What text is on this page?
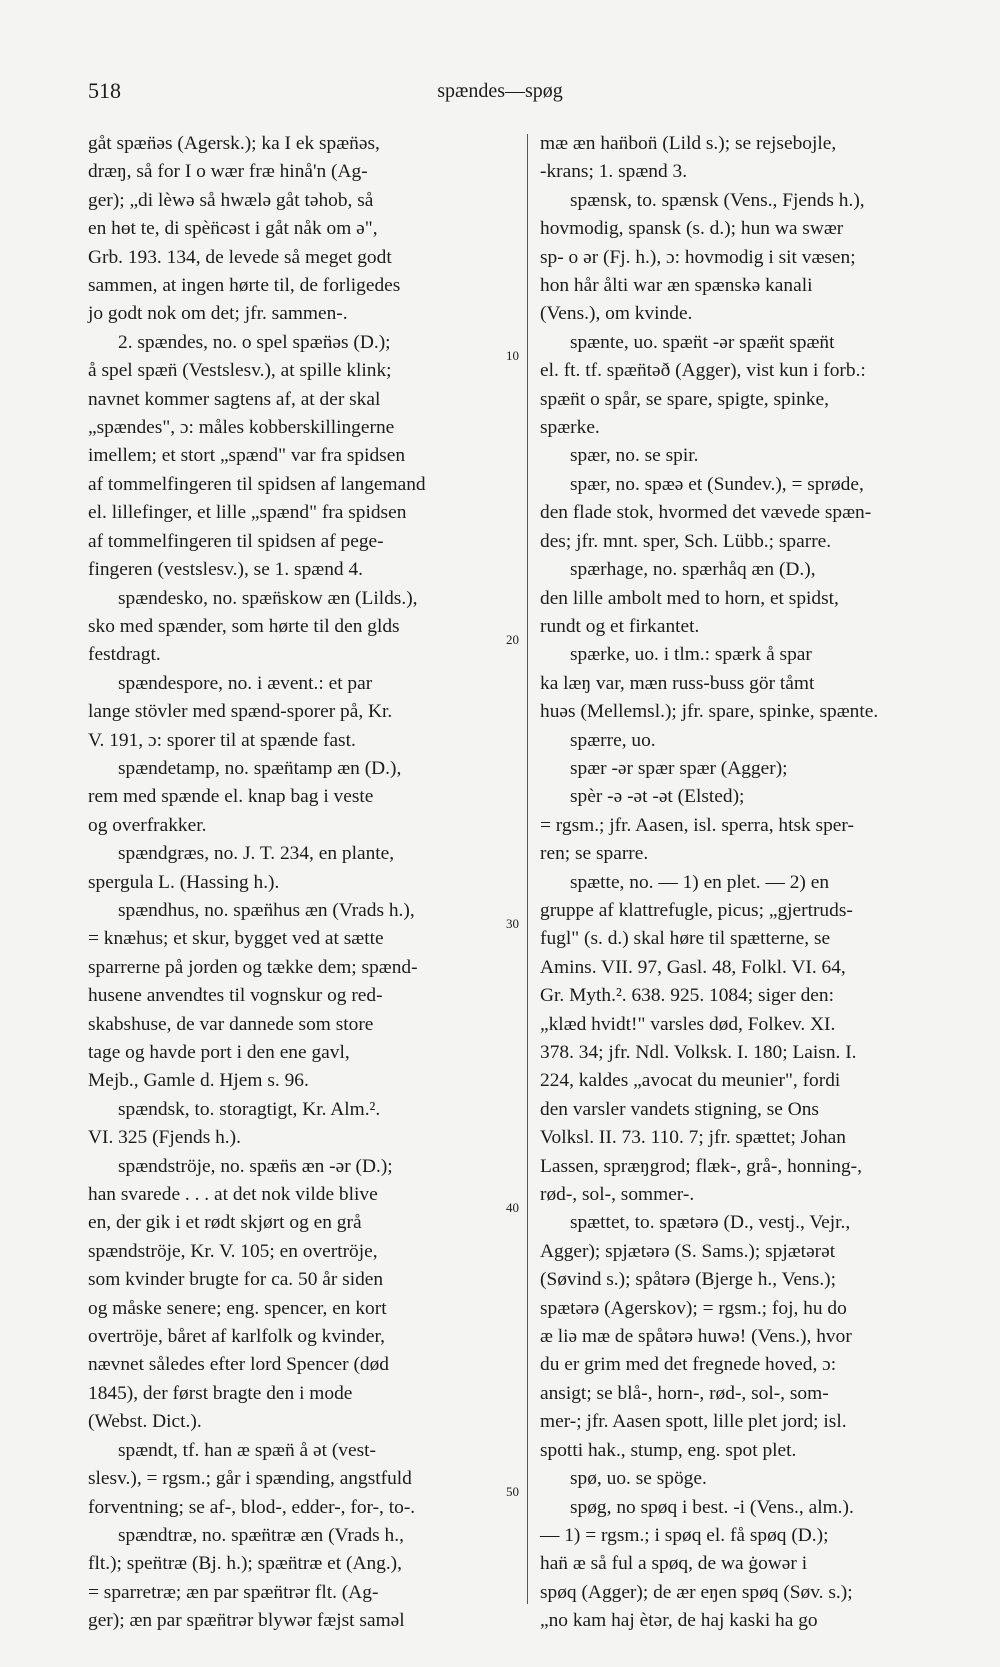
518	spændes—spøg
10
20
30
40
50
gåt spæn̈əs (Agersk.); ka I ek spæn̈əs,
dræŋ, så for I o wær fræ hinå'n (Ag-
ger); „di lèwə så hwælə gåt təhob, så
en hɵt te, di spèn̈cəst i gåt nåk om ə",
Grb. 193. 134, de levede så meget godt
sammen, at ingen hørte til, de forligedes
jo godt nok om det; jfr. sammen-.
2. spændes, no. o spel spæn̈əs (D.);
å spel spæn̈ (Vestslesv.), at spille klink;
navnet kommer sagtens af, at der skal
„spændes", ɔ: måles kobberskillingerne
imellem; et stort „spænd" var fra spidsen
af tommelfingeren til spidsen af langemand
el. lillefinger, et lille „spænd" fra spidsen
af tommelfingeren til spidsen af pege-
fingeren (vestslesv.), se 1. spænd 4.
spændesko, no. spæn̈skow æn (Lilds.),
sko med spænder, som hørte til den glds
festdragt.
spændespore, no. i ævent.: et par
lange stövler med spænd-sporer på, Kr.
V. 191, ɔ: sporer til at spænde fast.
spændetamp, no. spæn̈tamp æn (D.),
rem med spænde el. knap bag i veste
og overfrakker.
spændgræs, no. J. T. 234, en plante,
spergula L. (Hassing h.).
spændhus, no. spæn̈hus æn (Vrads h.),
= knæhus; et skur, bygget ved at sætte
sparrerne på jorden og tække dem; spænd-
husene anvendtes til vognskur og red-
skabshuse, de var dannede som store
tage og havde port i den ene gavl,
Mejb., Gamle d. Hjem s. 96.
spændsk, to. storagtigt, Kr. Alm.².
VI. 325 (Fjends h.).
spændströje, no. spæn̈s æn -ər (D.);
han svarede . . . at det nok vilde blive
en, der gik i et rødt skjørt og en grå
spændströje, Kr. V. 105; en overtröje,
som kvinder brugte for ca. 50 år siden
og måske senere; eng. spencer, en kort
overtröje, båret af karlfolk og kvinder,
nævnet således efter lord Spencer (død
1845), der først bragte den i mode
(Webst. Dict.).
spændt, tf. han æ spæn̈ å ət (vest-
slesv.), = rgsm.; går i spænding, angstfuld
forventning; se af-, blod-, edder-, for-, to-.
spændtræ, no. spæn̈træ æn (Vrads h.,
flt.); spen̈træ (Bj. h.); spæn̈træ et (Ang.),
= sparretræ; æn par spæn̈trər flt. (Ag-
ger); æn par spæn̈trər blywər fæjst saməl
mæ æn han̈bon̈ (Lild s.); se rejsebojle,
-krans; 1. spænd 3.
spænsk, to. spænsk (Vens., Fjends h.),
hovmodig, spansk (s. d.); hun wa swær
sp- o ər (Fj. h.), ɔ: hovmodig i sit væsen;
hon hår ålti war æn spænskə kanali
(Vens.), om kvinde.
spænte, uo. spæn̈t -ər spæn̈t spæn̈t
el. ft. tf. spæn̈təð (Agger), vist kun i forb.:
spæn̈t o spår, se spare, spigte, spinke,
spærke.
spær, no. se spir.
spær, no. spæə et (Sundev.), = sprøde,
den flade stok, hvormed det vævede spæn-
des; jfr. mnt. sper, Sch. Lübb.; sparre.
spærhage, no. spærhåq æn (D.),
den lille ambolt med to horn, et spidst,
rundt og et firkantet.
spærke, uo. i tlm.: spærk å spar
ka læŋ var, mæn russ-buss gör tåmt
huəs (Mellemsl.); jfr. spare, spinke, spænte.
spærre, uo.
spær -ər spær spær (Agger);
spèr -ə -ət -ət (Elsted);
= rgsm.; jfr. Aasen, isl. sperra, htsk sper-
ren; se sparre.
spætte, no. — 1) en plet. — 2) en
gruppe af klattrefugle, picus; „gjertruds-
fugl" (s. d.) skal høre til spætterne, se
Amins. VII. 97, Gasl. 48, Folkl. VI. 64,
Gr. Myth.². 638. 925. 1084; siger den:
„klæd hvidt!" varsles død, Folkev. XI.
378. 34; jfr. Ndl. Volksk. I. 180; Laisn. I.
224, kaldes „avocat du meunier", fordi
den varsler vandets stigning, se Ons
Volksl. II. 73. 110. 7; jfr. spættet; Johan
Lassen, spræŋgrod; flæk-, grå-, honning-,
rød-, sol-, sommer-.
spættet, to. spætərə (D., vestj., Vejr.,
Agger); spjætərə (S. Sams.); spjætərət
(Søvind s.); spåtərə (Bjerge h., Vens.);
spætərə (Agerskov); = rgsm.; foj, hu do
æ liə mæ de spåtərə huwə! (Vens.), hvor
du er grim med det fregnede hoved, ɔ:
ansigt; se blå-, horn-, rød-, sol-, som-
mer-; jfr. Aasen spott, lille plet jord; isl.
spotti hak., stump, eng. spot plet.
spø, uo. se spöge.
spøg, no spøq i best. -i (Vens., alm.).
— 1) = rgsm.; i spøq el. få spøq (D.);
han̈ æ så ful a spøq, de wa ġowər i
spøq (Agger); de ær eŋen spøq (Søv. s.);
„no kam haj ètər, de haj kaski ha go
